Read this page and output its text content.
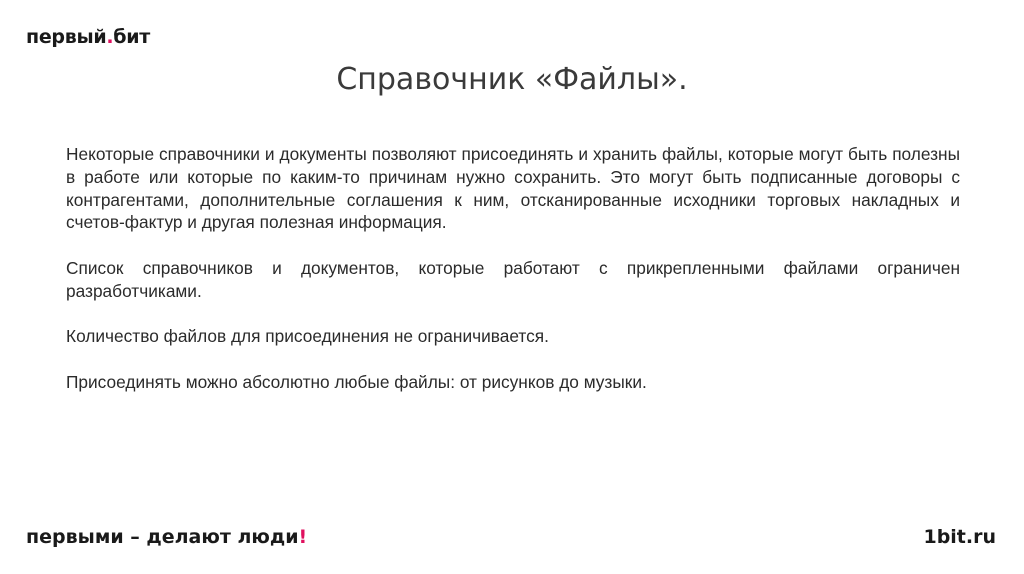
первый.бит
Справочник «Файлы».

Некоторые справочники и документы позволяют присоединять и хранить файлы, которые могут быть полезны в работе или которые по каким-то причинам нужно сохранить. Это могут быть подписанные договоры с контрагентами, дополнительные соглашения к ним, отсканированные исходники торговых накладных и счетов-фактур и другая полезная информация.

Список справочников и документов, которые работают с прикрепленными файлами ограничен разработчиками.

Количество файлов для присоединения не ограничивается.

Присоединять можно абсолютно любые файлы: от рисунков до музыки.

первыми – делают люди!	1bit.ru
